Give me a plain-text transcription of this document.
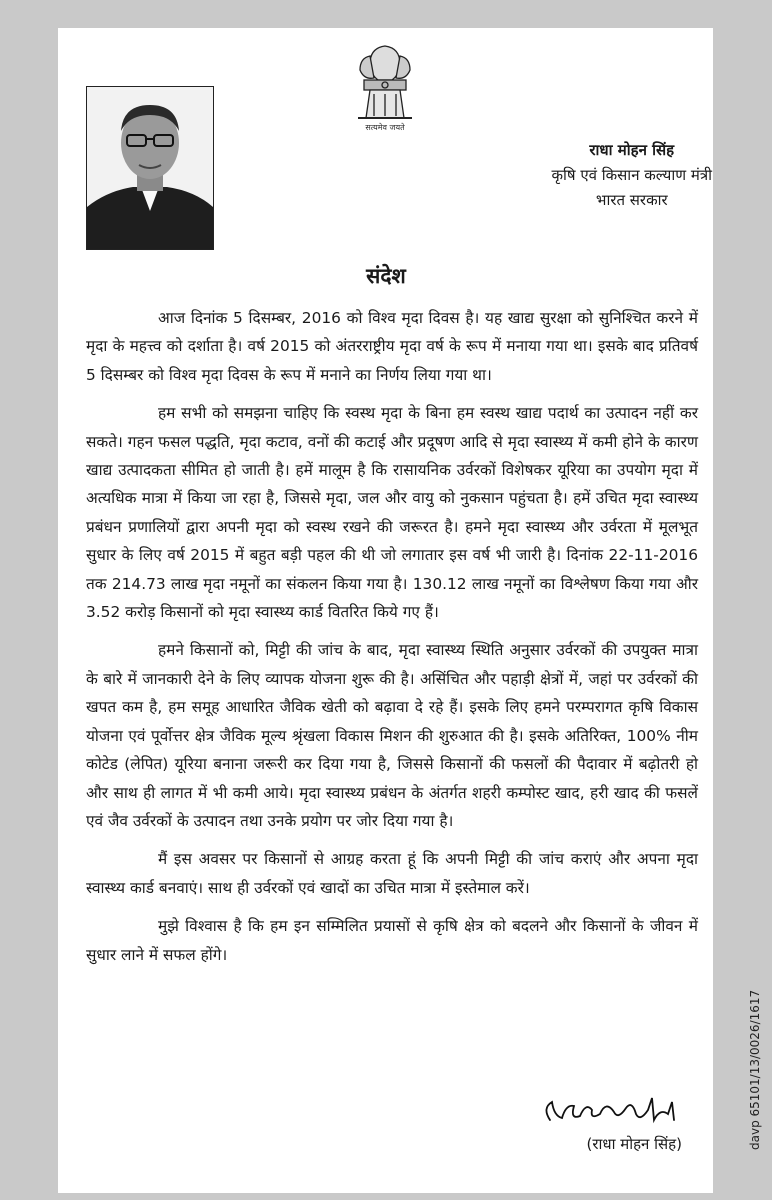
सत्यमेव जयते
राधा मोहन सिंह
कृषि एवं किसान कल्याण मंत्री
भारत सरकार
संदेश

आज दिनांक 5 दिसम्बर, 2016 को विश्व मृदा दिवस है। यह खाद्य सुरक्षा को सुनिश्चित करने में मृदा के महत्त्व को दर्शाता है। वर्ष 2015 को अंतरराष्ट्रीय मृदा वर्ष के रूप में मनाया गया था। इसके बाद प्रतिवर्ष 5 दिसम्बर को विश्व मृदा दिवस के रूप में मनाने का निर्णय लिया गया था।

हम सभी को समझना चाहिए कि स्वस्थ मृदा के बिना हम स्वस्थ खाद्य पदार्थ का उत्पादन नहीं कर सकते। गहन फसल पद्धति, मृदा कटाव, वनों की कटाई और प्रदूषण आदि से मृदा स्वास्थ्य में कमी होने के कारण खाद्य उत्पादकता सीमित हो जाती है। हमें मालूम है कि रासायनिक उर्वरकों विशेषकर यूरिया का उपयोग मृदा में अत्यधिक मात्रा में किया जा रहा है, जिससे मृदा, जल और वायु को नुकसान पहुंचता है। हमें उचित मृदा स्वास्थ्य प्रबंधन प्रणालियों द्वारा अपनी मृदा को स्वस्थ रखने की जरूरत है। हमने मृदा स्वास्थ्य और उर्वरता में मूलभूत सुधार के लिए वर्ष 2015 में बहुत बड़ी पहल की थी जो लगातार इस वर्ष भी जारी है। दिनांक 22-11-2016 तक 214.73 लाख मृदा नमूनों का संकलन किया गया है। 130.12 लाख नमूनों का विश्लेषण किया गया और 3.52 करोड़ किसानों को मृदा स्वास्थ्य कार्ड वितरित किये गए हैं।

हमने किसानों को, मिट्टी की जांच के बाद, मृदा स्वास्थ्य स्थिति अनुसार उर्वरकों की उपयुक्त मात्रा के बारे में जानकारी देने के लिए व्यापक योजना शुरू की है। असिंचित और पहाड़ी क्षेत्रों में, जहां पर उर्वरकों की खपत कम है, हम समूह आधारित जैविक खेती को बढ़ावा दे रहे हैं। इसके लिए हमने परम्परागत कृषि विकास योजना एवं पूर्वोत्तर क्षेत्र जैविक मूल्य श्रृंखला विकास मिशन की शुरुआत की है। इसके अतिरिक्त, 100% नीम कोटेड (लेपित) यूरिया बनाना जरूरी कर दिया गया है, जिससे किसानों की फसलों की पैदावार में बढ़ोतरी हो और साथ ही लागत में भी कमी आये। मृदा स्वास्थ्य प्रबंधन के अंतर्गत शहरी कम्पोस्ट खाद, हरी खाद की फसलें एवं जैव उर्वरकों के उत्पादन तथा उनके प्रयोग पर जोर दिया गया है।

मैं इस अवसर पर किसानों से आग्रह करता हूं कि अपनी मिट्टी की जांच कराएं और अपना मृदा स्वास्थ्य कार्ड बनवाएं। साथ ही उर्वरकों एवं खादों का उचित मात्रा में इस्तेमाल करें।

मुझे विश्वास है कि हम इन सम्मिलित प्रयासों से कृषि क्षेत्र को बदलने और किसानों के जीवन में सुधार लाने में सफल होंगे।

(राधा मोहन सिंह)	davp 65101/13/0026/1617
